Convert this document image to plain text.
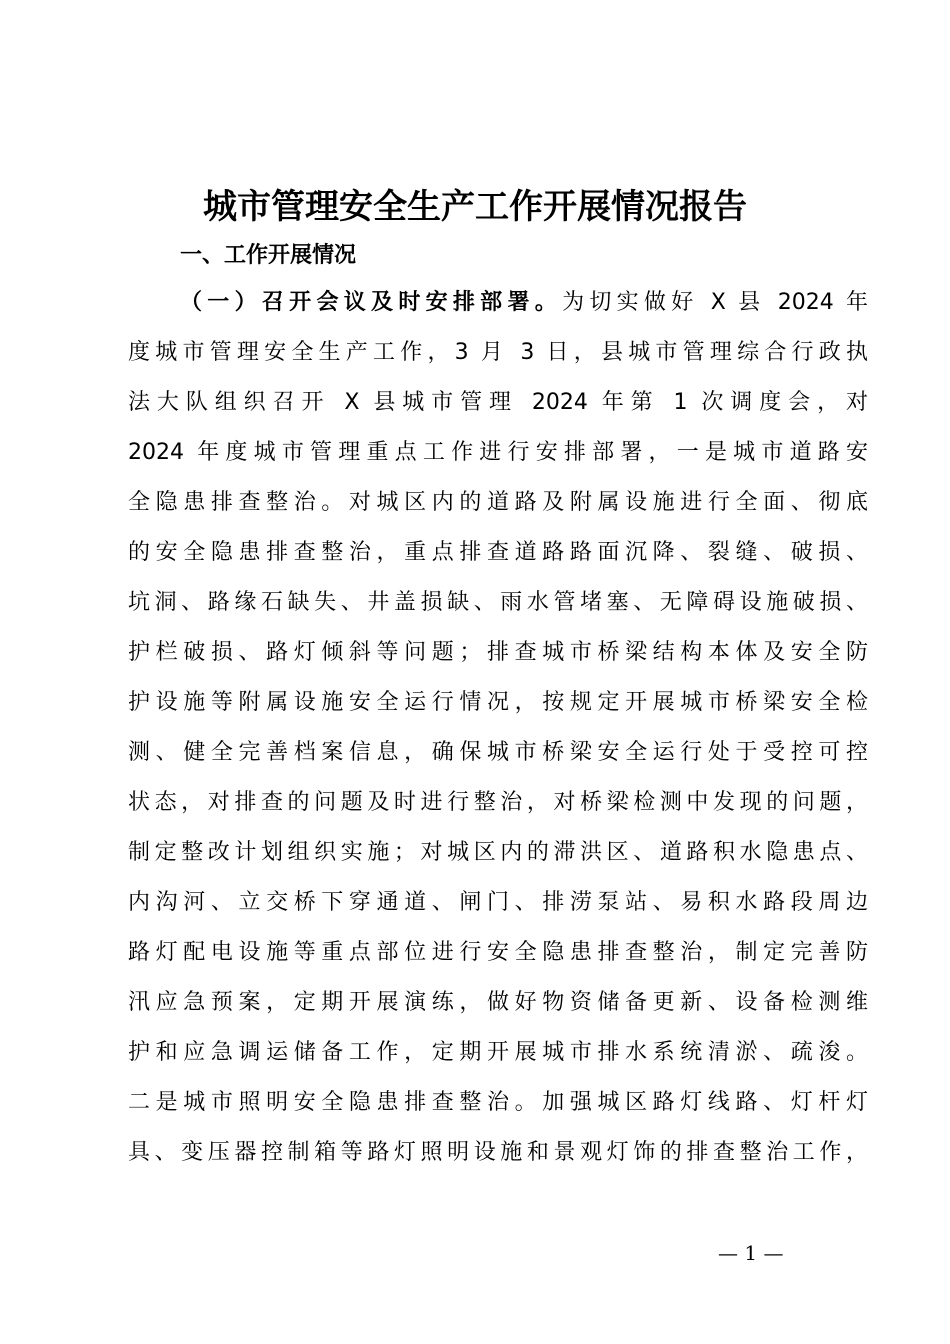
城市管理安全生产工作开展情况报告
一、工作开展情况
（一）召开会议及时安排部署。为切实做好 X 县 2024 年
度城市管理安全生产工作，3 月 3 日，县城市管理综合行政执
法大队组织召开 X 县城市管理 2024 年第 1 次调度会，对
2024 年度城市管理重点工作进行安排部署，一是城市道路安
全隐患排查整治。对城区内的道路及附属设施进行全面、彻底
的安全隐患排查整治，重点排查道路路面沉降、裂缝、破损、
坑洞、路缘石缺失、井盖损缺、雨水管堵塞、无障碍设施破损、
护栏破损、路灯倾斜等问题；排查城市桥梁结构本体及安全防
护设施等附属设施安全运行情况，按规定开展城市桥梁安全检
测、健全完善档案信息，确保城市桥梁安全运行处于受控可控
状态，对排查的问题及时进行整治，对桥梁检测中发现的问题，
制定整改计划组织实施；对城区内的滞洪区、道路积水隐患点、
内沟河、立交桥下穿通道、闸门、排涝泵站、易积水路段周边
路灯配电设施等重点部位进行安全隐患排查整治，制定完善防
汛应急预案，定期开展演练，做好物资储备更新、设备检测维
护和应急调运储备工作，定期开展城市排水系统清淤、疏浚。
二是城市照明安全隐患排查整治。加强城区路灯线路、灯杆灯
具、变压器控制箱等路灯照明设施和景观灯饰的排查整治工作，
— 1 —
